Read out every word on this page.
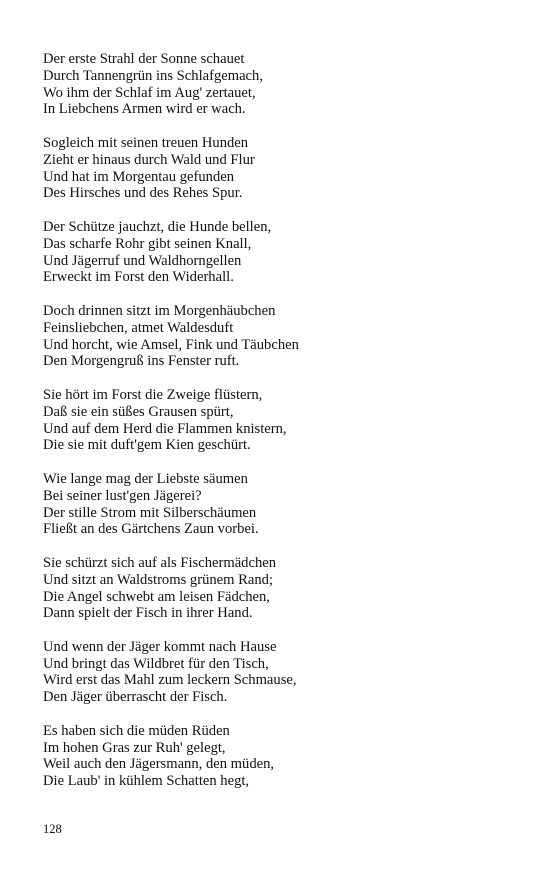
Der erste Strahl der Sonne schauet
Durch Tannengrün ins Schlafgemach,
Wo ihm der Schlaf im Aug' zertauet,
In Liebchens Armen wird er wach.
Sogleich mit seinen treuen Hunden
Zieht er hinaus durch Wald und Flur
Und hat im Morgentau gefunden
Des Hirsches und des Rehes Spur.
Der Schütze jauchzt, die Hunde bellen,
Das scharfe Rohr gibt seinen Knall,
Und Jägerruf und Waldhorngellen
Erweckt im Forst den Widerhall.
Doch drinnen sitzt im Morgenhäubchen
Feinsliebchen, atmet Waldesduft
Und horcht, wie Amsel, Fink und Täubchen
Den Morgengruß ins Fenster ruft.
Sie hört im Forst die Zweige flüstern,
Daß sie ein süßes Grausen spürt,
Und auf dem Herd die Flammen knistern,
Die sie mit duft'gem Kien geschürt.
Wie lange mag der Liebste säumen
Bei seiner lust'gen Jägerei?
Der stille Strom mit Silberschäumen
Fließt an des Gärtchens Zaun vorbei.
Sie schürzt sich auf als Fischermädchen
Und sitzt an Waldstroms grünem Rand;
Die Angel schwebt am leisen Fädchen,
Dann spielt der Fisch in ihrer Hand.
Und wenn der Jäger kommt nach Hause
Und bringt das Wildbret für den Tisch,
Wird erst das Mahl zum leckern Schmause,
Den Jäger überrascht der Fisch.
Es haben sich die müden Rüden
Im hohen Gras zur Ruh' gelegt,
Weil auch den Jägersmann, den müden,
Die Laub' in kühlem Schatten hegt,
128
